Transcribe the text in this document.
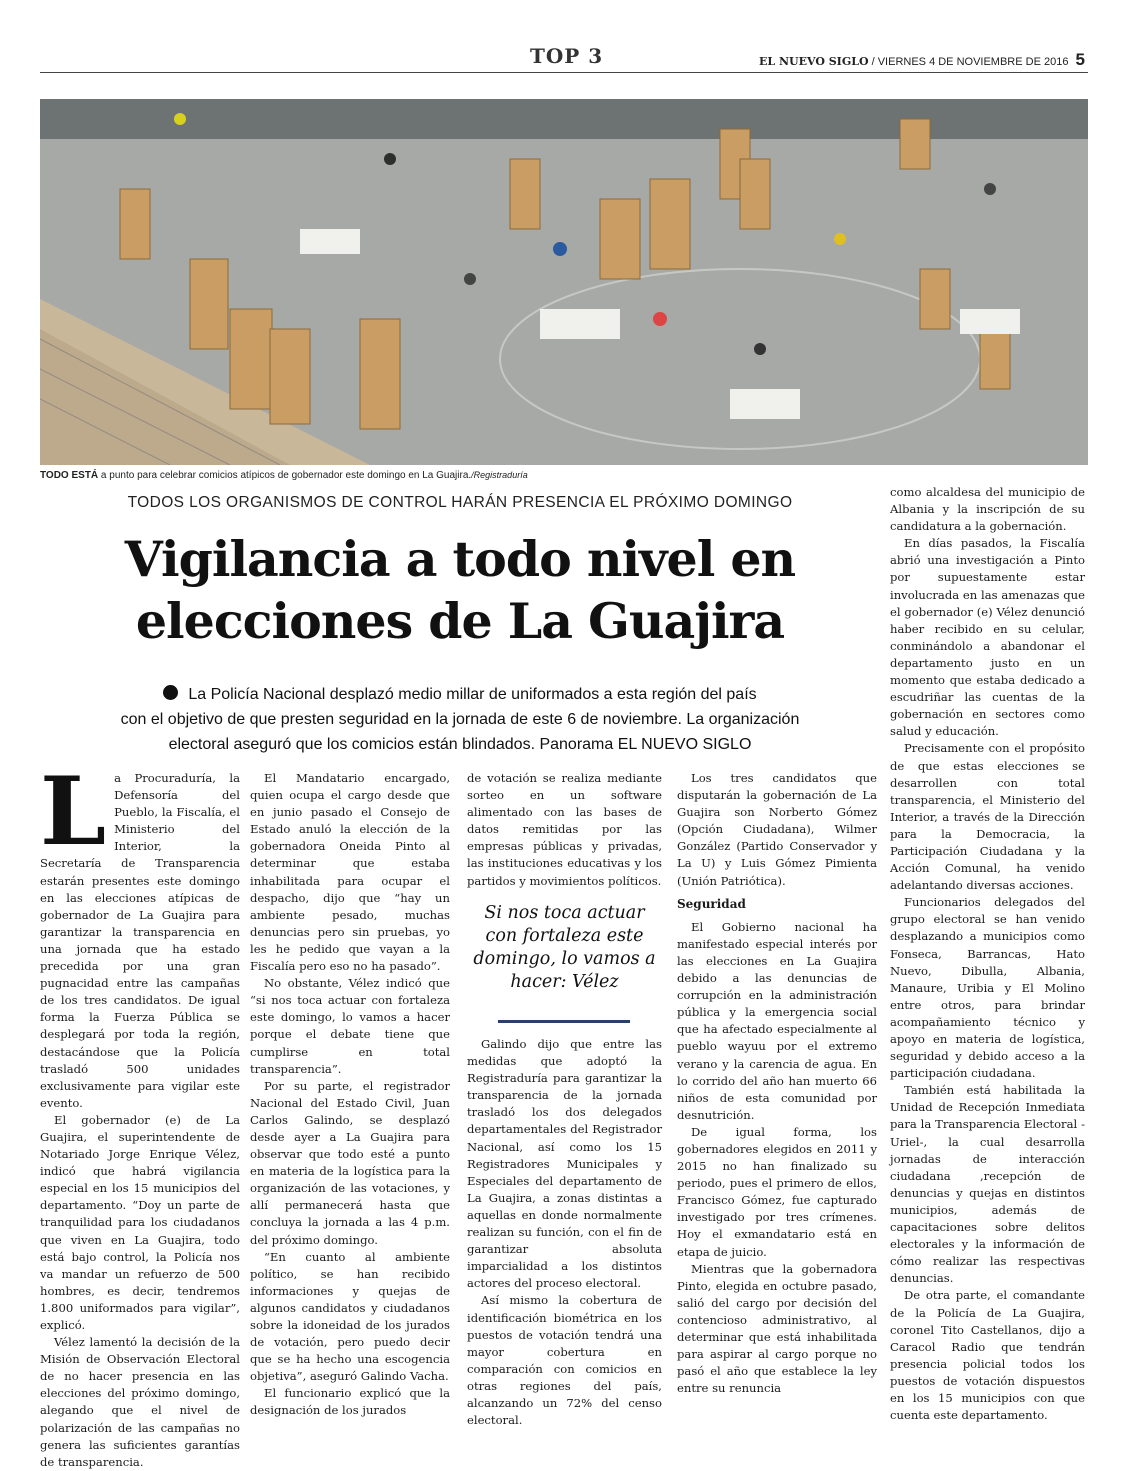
TOP 3	EL NUEVO SIGLO / VIERNES 4 DE NOVIEMBRE DE 2016 5
TODO ESTÁ a punto para celebrar comicios atípicos de gobernador este domingo en La Guajira./Registraduría
TODOS LOS ORGANISMOS DE CONTROL HARÁN PRESENCIA EL PRÓXIMO DOMINGO
Vigilancia a todo nivel en
elecciones de La Guajira
La Policía Nacional desplazó medio millar de uniformados a esta región del país
con el objetivo de que presten seguridad en la jornada de este 6 de noviembre. La organización
electoral aseguró que los comicios están blindados. Panorama EL NUEVO SIGLO
L a Procuraduría, la Defensoría del Pueblo, la Fiscalía, el Ministerio del Interior, la Secretaría de Transparencia estarán presentes este domingo en las elecciones atípicas de gobernador de La Guajira para garantizar la transparencia en una jornada que ha estado precedida por una gran pugnacidad entre las campañas de los tres candidatos. De igual forma la Fuerza Pública se desplegará por toda la región, destacándose que la Policía trasladó 500 unidades exclusivamente para vigilar este evento.

El gobernador (e) de La Guajira, el superintendente de Notariado Jorge Enrique Vélez, indicó que habrá vigilancia especial en los 15 municipios del departamento. “Doy un parte de tranquilidad para los ciudadanos que viven en La Guajira, todo está bajo control, la Policía nos va mandar un refuerzo de 500 hombres, es decir, tendremos 1.800 uniformados para vigilar”, explicó.

Vélez lamentó la decisión de la Misión de Observación Electoral de no hacer presencia en las elecciones del próximo domingo, alegando que el nivel de polarización de las campañas no genera las suficientes garantías de transparencia.

El Mandatario encargado, quien ocupa el cargo desde que en junio pasado el Consejo de Estado anuló la elección de la gobernadora Oneida Pinto al determinar que estaba inhabilitada para ocupar el despacho, dijo que “hay un ambiente pesado, muchas denuncias pero sin pruebas, yo les he pedido que vayan a la Fiscalía pero eso no ha pasado”.

No obstante, Vélez indicó que “si nos toca actuar con fortaleza este domingo, lo vamos a hacer porque el debate tiene que cumplirse en total transparencia”.

Por su parte, el registrador Nacional del Estado Civil, Juan Carlos Galindo, se desplazó desde ayer a La Guajira para observar que todo esté a punto en materia de la logística para la organización de las votaciones, y allí permanecerá hasta que concluya la jornada a las 4 p.m. del próximo domingo.

“En cuanto al ambiente político, se han recibido informaciones y quejas de algunos candidatos y ciudadanos sobre la idoneidad de los jurados de votación, pero puedo decir que se ha hecho una escogencia objetiva”, aseguró Galindo Vacha.

El funcionario explicó que la designación de los jurados

de votación se realiza mediante sorteo en un software alimentado con las bases de datos remitidas por las empresas públicas y privadas, las instituciones educativas y los partidos y movimientos políticos.

Si nos toca actuar con fortaleza este domingo, lo vamos a hacer: Vélez

Galindo dijo que entre las medidas que adoptó la Registraduría para garantizar la transparencia de la jornada trasladó los dos delegados departamentales del Registrador Nacional, así como los 15 Registradores Municipales y Especiales del departamento de La Guajira, a zonas distintas a aquellas en donde normalmente realizan su función, con el fin de garantizar absoluta imparcialidad a los distintos actores del proceso electoral.

Así mismo la cobertura de identificación biométrica en los puestos de votación tendrá una mayor cobertura en comparación con comicios en otras regiones del país, alcanzando un 72% del censo electoral.

Los tres candidatos que disputarán la gobernación de La Guajira son Norberto Gómez (Opción Ciudadana), Wilmer González (Partido Conservador y La U) y Luis Gómez Pimienta (Unión Patriótica).

Seguridad

El Gobierno nacional ha manifestado especial interés por las elecciones en La Guajira debido a las denuncias de corrupción en la administración pública y la emergencia social que ha afectado especialmente al pueblo wayuu por el extremo verano y la carencia de agua. En lo corrido del año han muerto 66 niños de esta comunidad por desnutrición.

De igual forma, los gobernadores elegidos en 2011 y 2015 no han finalizado su periodo, pues el primero de ellos, Francisco Gómez, fue capturado investigado por tres crímenes. Hoy el exmandatario está en etapa de juicio.

Mientras que la gobernadora Pinto, elegida en octubre pasado, salió del cargo por decisión del contencioso administrativo, al determinar que está inhabilitada para aspirar al cargo porque no pasó el año que establece la ley entre su renuncia

como alcaldesa del municipio de Albania y la inscripción de su candidatura a la gobernación.

En días pasados, la Fiscalía abrió una investigación a Pinto por supuestamente estar involucrada en las amenazas que el gobernador (e) Vélez denunció haber recibido en su celular, conminándolo a abandonar el departamento justo en un momento que estaba dedicado a escudriñar las cuentas de la gobernación en sectores como salud y educación.

Precisamente con el propósito de que estas elecciones se desarrollen con total transparencia, el Ministerio del Interior, a través de la Dirección para la Democracia, la Participación Ciudadana y la Acción Comunal, ha venido adelantando diversas acciones.

Funcionarios delegados del grupo electoral se han venido desplazando a municipios como Fonseca, Barrancas, Hato Nuevo, Dibulla, Albania, Manaure, Uribia y El Molino entre otros, para brindar acompañamiento técnico y apoyo en materia de logística, seguridad y debido acceso a la participación ciudadana.

También está habilitada la Unidad de Recepción Inmediata para la Transparencia Electoral -Uriel-, la cual desarrolla jornadas de interacción ciudadana ,recepción de denuncias y quejas en distintos municipios, además de capacitaciones sobre delitos electorales y la información de cómo realizar las respectivas denuncias.

De otra parte, el comandante de la Policía de La Guajira, coronel Tito Castellanos, dijo a Caracol Radio que tendrán presencia policial todos los puestos de votación dispuestos en los 15 municipios con que cuenta este departamento.
